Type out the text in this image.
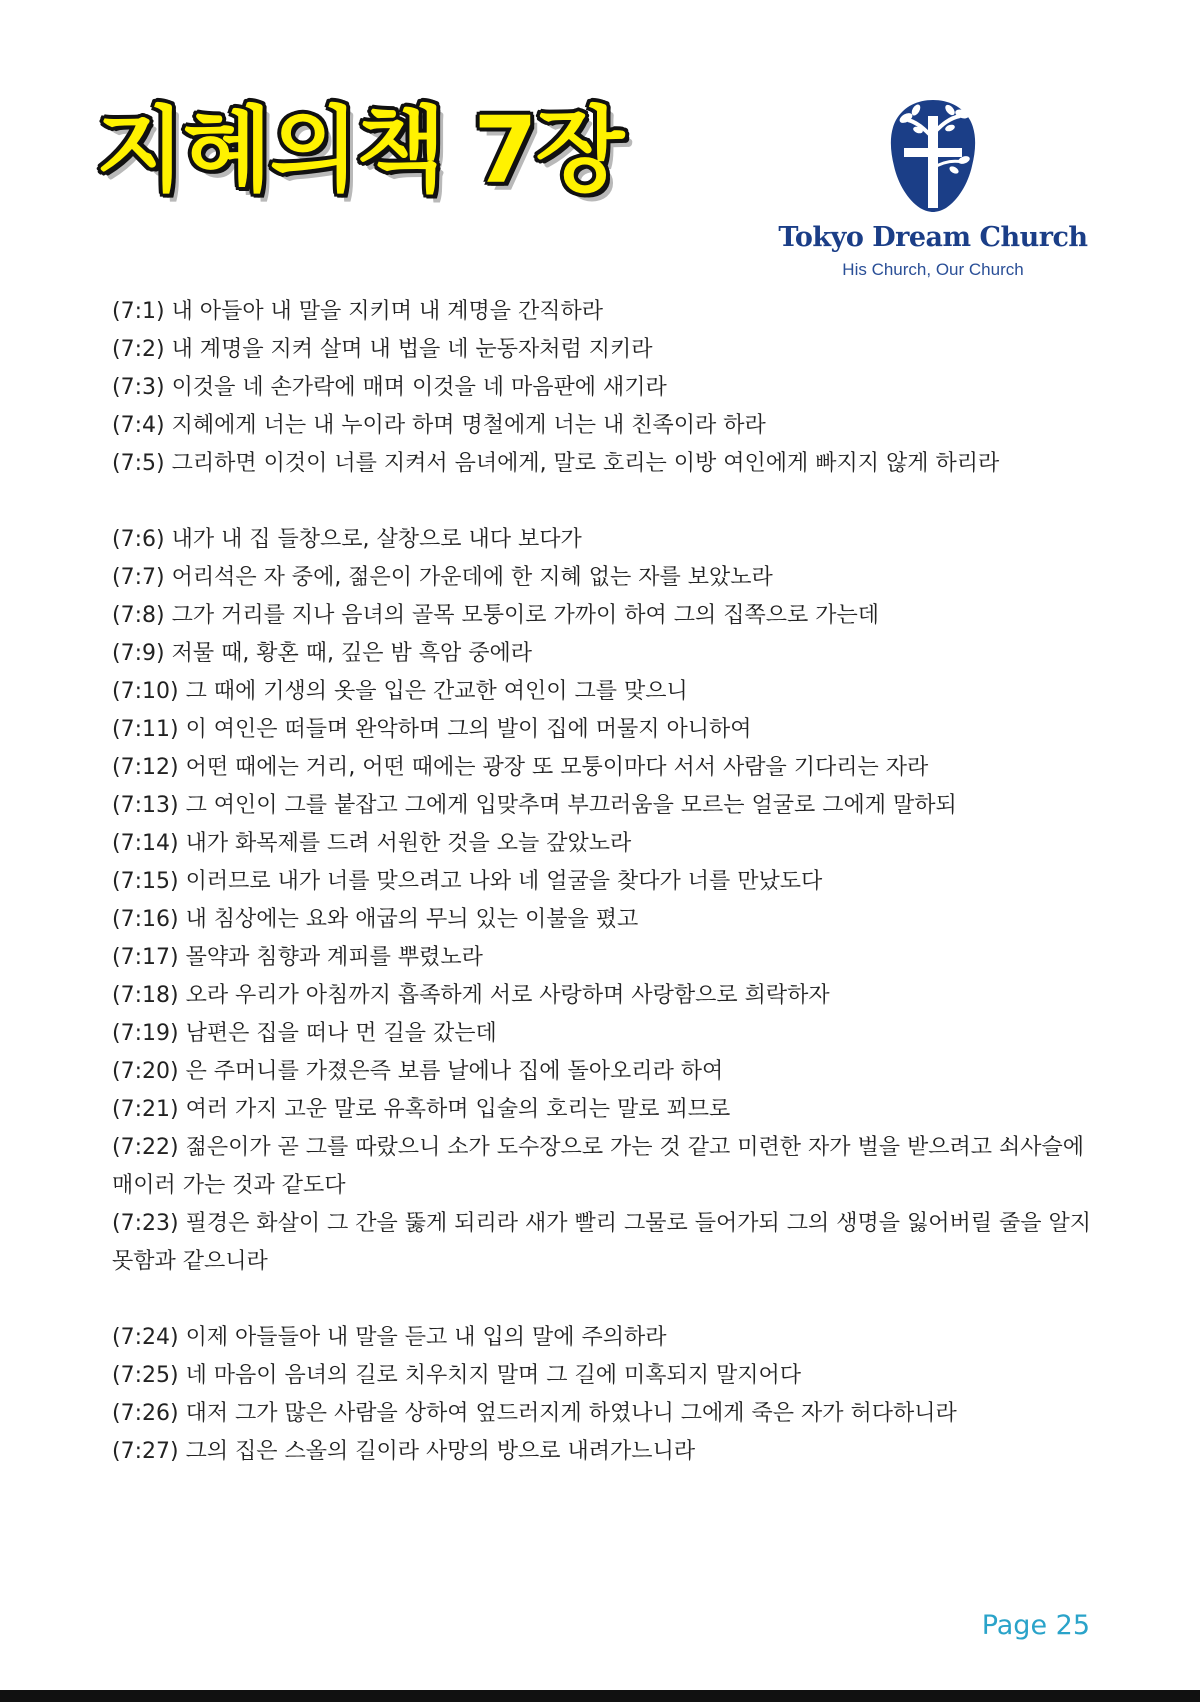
지혜의책 7장
Tokyo Dream Church
His Church, Our Church

(7:1) 내 아들아 내 말을 지키며 내 계명을 간직하라

(7:2) 내 계명을 지켜 살며 내 법을 네 눈동자처럼 지키라

(7:3) 이것을 네 손가락에 매며 이것을 네 마음판에 새기라

(7:4) 지혜에게 너는 내 누이라 하며 명철에게 너는 내 친족이라 하라

(7:5) 그리하면 이것이 너를 지켜서 음녀에게, 말로 호리는 이방 여인에게 빠지지 않게 하리라

(7:6) 내가 내 집 들창으로, 살창으로 내다 보다가

(7:7) 어리석은 자 중에, 젊은이 가운데에 한 지혜 없는 자를 보았노라

(7:8) 그가 거리를 지나 음녀의 골목 모퉁이로 가까이 하여 그의 집쪽으로 가는데

(7:9) 저물 때, 황혼 때, 깊은 밤 흑암 중에라

(7:10) 그 때에 기생의 옷을 입은 간교한 여인이 그를 맞으니

(7:11) 이 여인은 떠들며 완악하며 그의 발이 집에 머물지 아니하여

(7:12) 어떤 때에는 거리, 어떤 때에는 광장 또 모퉁이마다 서서 사람을 기다리는 자라

(7:13) 그 여인이 그를 붙잡고 그에게 입맞추며 부끄러움을 모르는 얼굴로 그에게 말하되

(7:14) 내가 화목제를 드려 서원한 것을 오늘 갚았노라

(7:15) 이러므로 내가 너를 맞으려고 나와 네 얼굴을 찾다가 너를 만났도다

(7:16) 내 침상에는 요와 애굽의 무늬 있는 이불을 폈고

(7:17) 몰약과 침향과 계피를 뿌렸노라

(7:18) 오라 우리가 아침까지 흡족하게 서로 사랑하며 사랑함으로 희락하자

(7:19) 남편은 집을 떠나 먼 길을 갔는데

(7:20) 은 주머니를 가졌은즉 보름 날에나 집에 돌아오리라 하여

(7:21) 여러 가지 고운 말로 유혹하며 입술의 호리는 말로 꾀므로

(7:22) 젊은이가 곧 그를 따랐으니 소가 도수장으로 가는 것 같고 미련한 자가 벌을 받으려고 쇠사슬에 매이러 가는 것과 같도다

(7:23) 필경은 화살이 그 간을 뚫게 되리라 새가 빨리 그물로 들어가되 그의 생명을 잃어버릴 줄을 알지 못함과 같으니라

(7:24) 이제 아들들아 내 말을 듣고 내 입의 말에 주의하라

(7:25) 네 마음이 음녀의 길로 치우치지 말며 그 길에 미혹되지 말지어다

(7:26) 대저 그가 많은 사람을 상하여 엎드러지게 하였나니 그에게 죽은 자가 허다하니라

(7:27) 그의 집은 스올의 길이라 사망의 방으로 내려가느니라

Page 25
